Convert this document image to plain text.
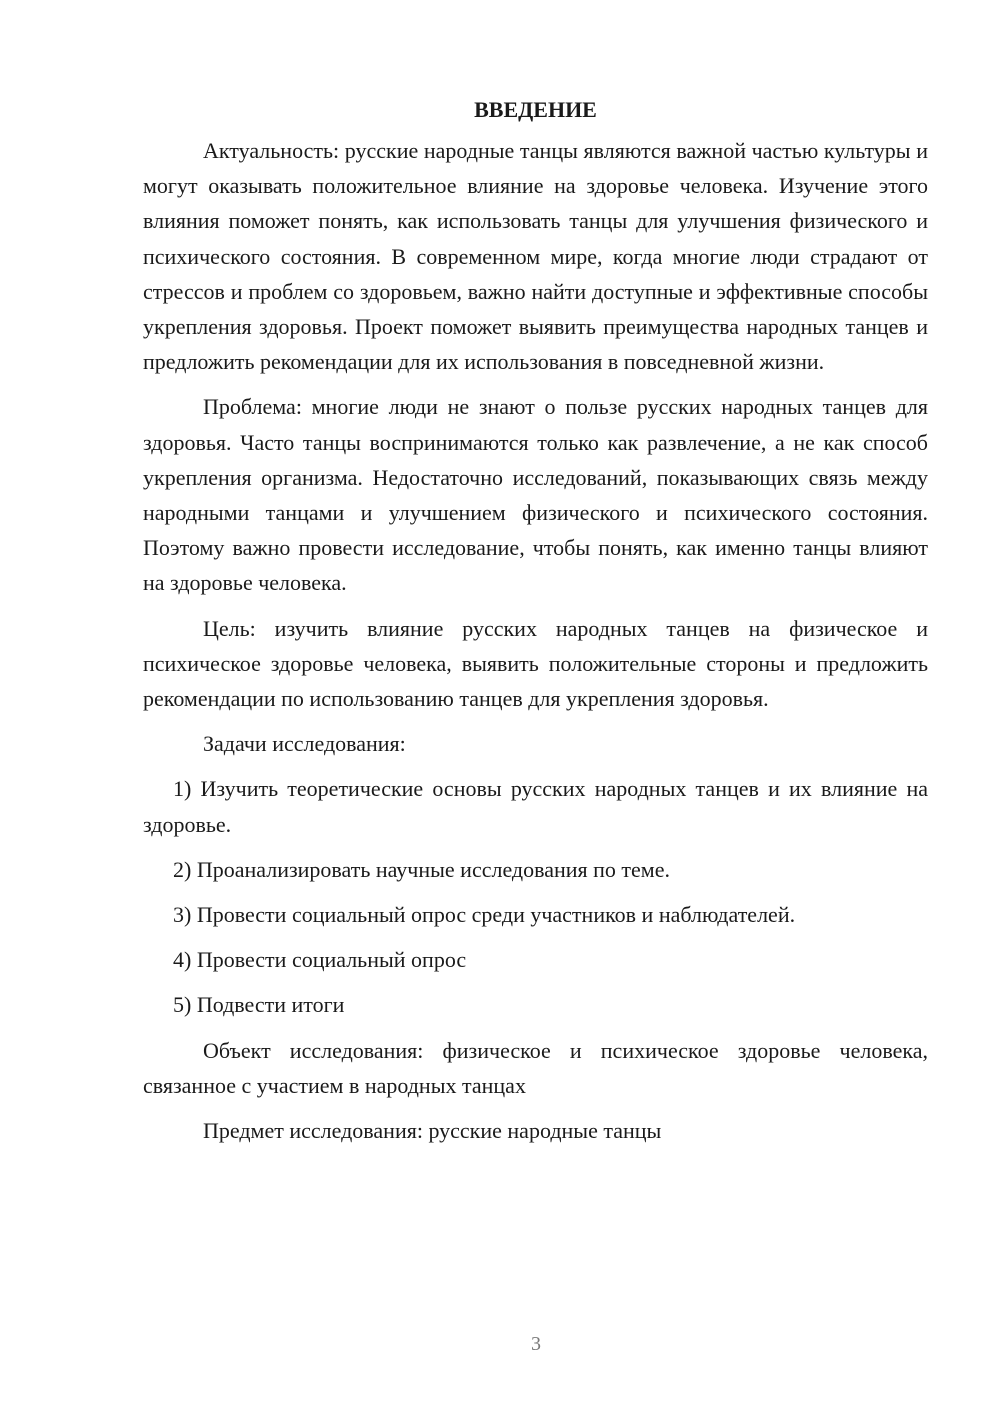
ВВЕДЕНИЕ

Актуальность: русские народные танцы являются важной частью культуры и могут оказывать положительное влияние на здоровье человека. Изучение этого влияния поможет понять, как использовать танцы для улучшения физического и психического состояния. В современном мире, когда многие люди страдают от стрессов и проблем со здоровьем, важно найти доступные и эффективные способы укрепления здоровья. Проект поможет выявить преимущества народных танцев и предложить рекомендации для их использования в повседневной жизни.

Проблема: многие люди не знают о пользе русских народных танцев для здоровья. Часто танцы воспринимаются только как развлечение, а не как способ укрепления организма. Недостаточно исследований, показывающих связь между народными танцами и улучшением физического и психического состояния. Поэтому важно провести исследование, чтобы понять, как именно танцы влияют на здоровье человека.

Цель: изучить влияние русских народных танцев на физическое и психическое здоровье человека, выявить положительные стороны и предложить рекомендации по использованию танцев для укрепления здоровья.

Задачи исследования:

1) Изучить теоретические основы русских народных танцев и их влияние на здоровье.

2) Проанализировать научные исследования по теме.

3) Провести социальный опрос среди участников и наблюдателей.

4) Провести социальный опрос

5) Подвести итоги

Объект исследования: физическое и психическое здоровье человека, связанное с участием в народных танцах

Предмет исследования: русские народные танцы

3
